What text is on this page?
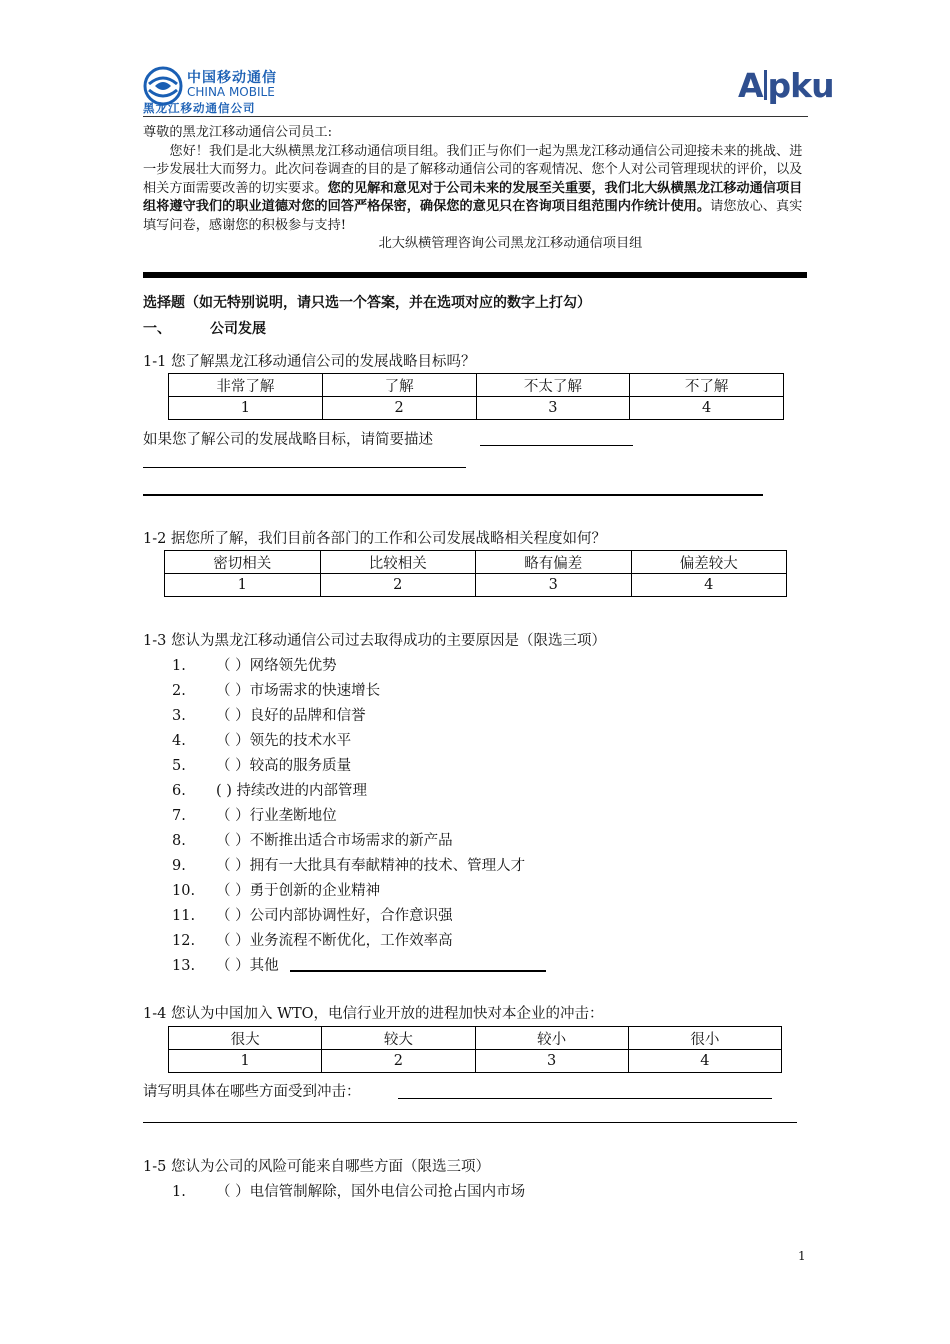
中国移动通信
CHINA MOBILE
黑龙江移动通信公司
A pku

尊敬的黑龙江移动通信公司员工:

您好！我们是北大纵横黑龙江移动通信项目组。我们正与你们一起为黑龙江移动通信公司迎接未来的挑战、进一步发展壮大而努力。此次问卷调查的目的是了解移动通信公司的客观情况、您个人对公司管理现状的评价，以及相关方面需要改善的切实要求。您的见解和意见对于公司未来的发展至关重要，我们北大纵横黑龙江移动通信项目组将遵守我们的职业道德对您的回答严格保密，确保您的意见只在咨询项目组范围内作统计使用。请您放心、真实填写问卷，感谢您的积极参与支持!

北大纵横管理咨询公司黑龙江移动通信项目组

选择题（如无特别说明，请只选一个答案，并在选项对应的数字上打勾）
一、	公司发展
1-1 您了解黑龙江移动通信公司的发展战略目标吗？
非常了解	了解	不太了解	不了解
1	2	3	4
如果您了解公司的发展战略目标，请简要描述
1-2 据您所了解，我们目前各部门的工作和公司发展战略相关程度如何？
密切相关	比较相关	略有偏差	偏差较大
1	2	3	4
1-3 您认为黑龙江移动通信公司过去取得成功的主要原因是（限选三项）
1. （ ）网络领先优势
2. （ ）市场需求的快速增长
3. （ ）良好的品牌和信誉
4. （ ）领先的技术水平
5. （ ）较高的服务质量
6. ( ) 持续改进的内部管理
7. （ ）行业垄断地位
8. （ ）不断推出适合市场需求的新产品
9. （ ）拥有一大批具有奉献精神的技术、管理人才
10. （ ）勇于创新的企业精神
11. （ ）公司内部协调性好，合作意识强
12. （ ）业务流程不断优化，工作效率高
13. （ ）其他
1-4 您认为中国加入 WTO，电信行业开放的进程加快对本企业的冲击：
很大	较大	较小	很小
1	2	3	4
请写明具体在哪些方面受到冲击：
1-5 您认为公司的风险可能来自哪些方面（限选三项）
1. （ ）电信管制解除，国外电信公司抢占国内市场
1
